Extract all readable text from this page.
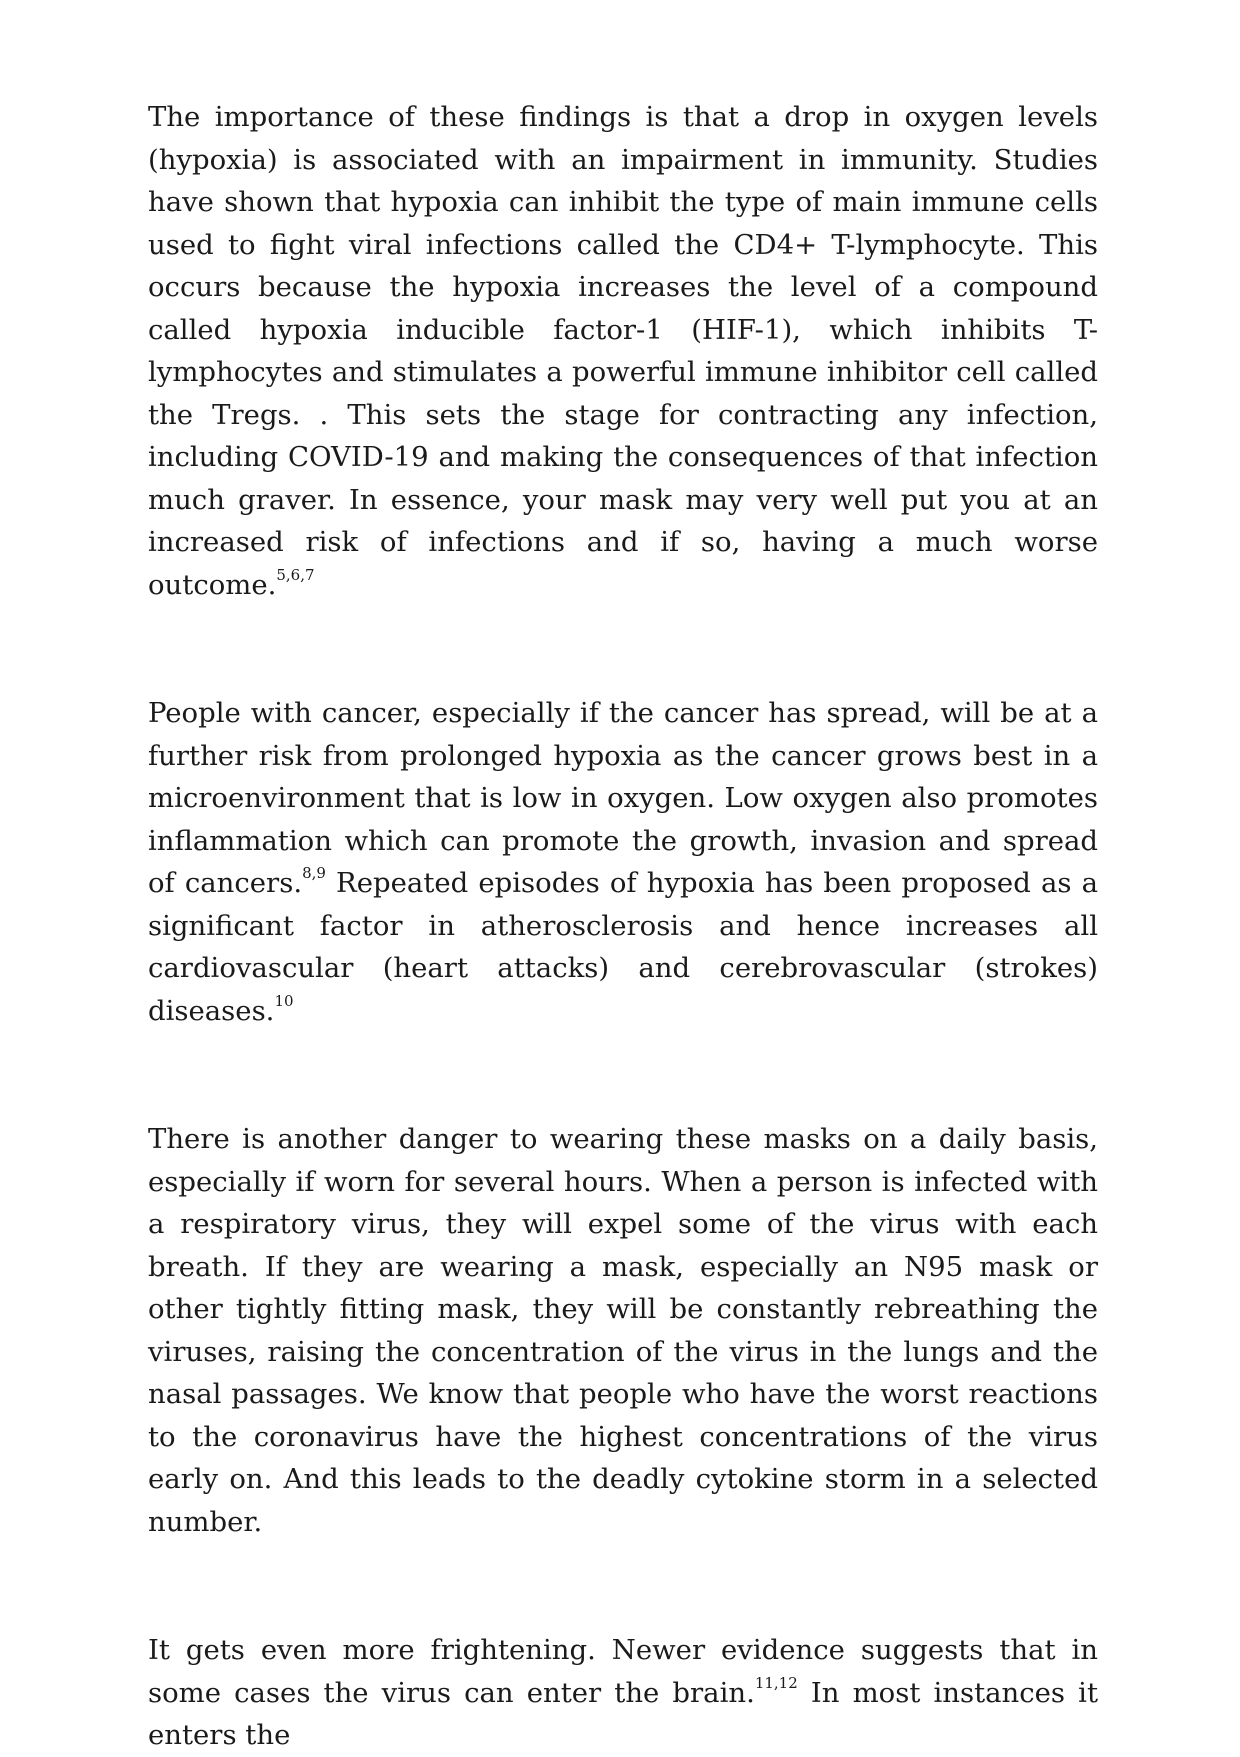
The importance of these findings is that a drop in oxygen levels (hypoxia) is associated with an impairment in immunity. Studies have shown that hypoxia can inhibit the type of main immune cells used to fight viral infections called the CD4+ T-lymphocyte. This occurs because the hypoxia increases the level of a compound called hypoxia inducible factor-1 (HIF-1), which inhibits T-lymphocytes and stimulates a powerful immune inhibitor cell called the Tregs. . This sets the stage for contracting any infection, including COVID-19 and making the consequences of that infection much graver. In essence, your mask may very well put you at an increased risk of infections and if so, having a much worse outcome.$^{5,6,7}$

People with cancer, especially if the cancer has spread, will be at a further risk from prolonged hypoxia as the cancer grows best in a microenvironment that is low in oxygen. Low oxygen also promotes inflammation which can promote the growth, invasion and spread of cancers.$^{8,9}$ Repeated episodes of hypoxia has been proposed as a significant factor in atherosclerosis and hence increases all cardiovascular (heart attacks) and cerebrovascular (strokes) diseases.$^{10}$

There is another danger to wearing these masks on a daily basis, especially if worn for several hours. When a person is infected with a respiratory virus, they will expel some of the virus with each breath. If they are wearing a mask, especially an N95 mask or other tightly fitting mask, they will be constantly rebreathing the viruses, raising the concentration of the virus in the lungs and the nasal passages. We know that people who have the worst reactions to the coronavirus have the highest concentrations of the virus early on. And this leads to the deadly cytokine storm in a selected number.

It gets even more frightening. Newer evidence suggests that in some cases the virus can enter the brain.$^{11,12}$ In most instances it enters the
